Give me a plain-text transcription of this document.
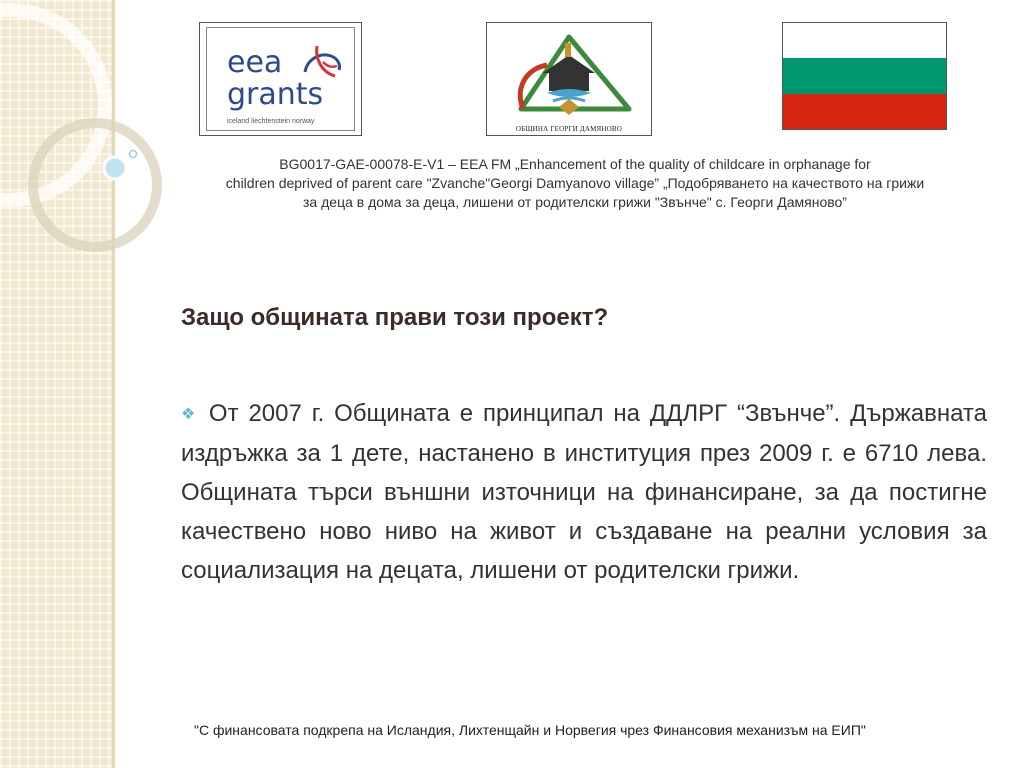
eea
grants
iceland liechtenstein norway
ОБЩИНА ГЕОРГИ ДАМЯНОВО
BG0017-GAE-00078-E-V1 – EEA FM „Enhancement of the quality of childcare in orphanage for
children deprived of parent care "Zvanche"Georgi Damyanovo village” „Подобряването на качеството на грижи
за деца в дома за деца, лишени от родителски грижи "Звънче" с. Георги Дамяново”
Защо общината прави този проект?
❖ От 2007 г. Общината е принципал на ДДЛРГ “Звънче”. Държавната издръжка за 1 дете, настанено в институция през 2009 г. е 6710 лева. Общината търси външни източници на финансиране, за да постигне качествено ново ниво на живот и създаване на реални условия за социализация на децата, лишени от родителски грижи.
"С финансовата подкрепа на Исландия, Лихтенщайн и Норвегия чрез Финансовия механизъм на ЕИП"
